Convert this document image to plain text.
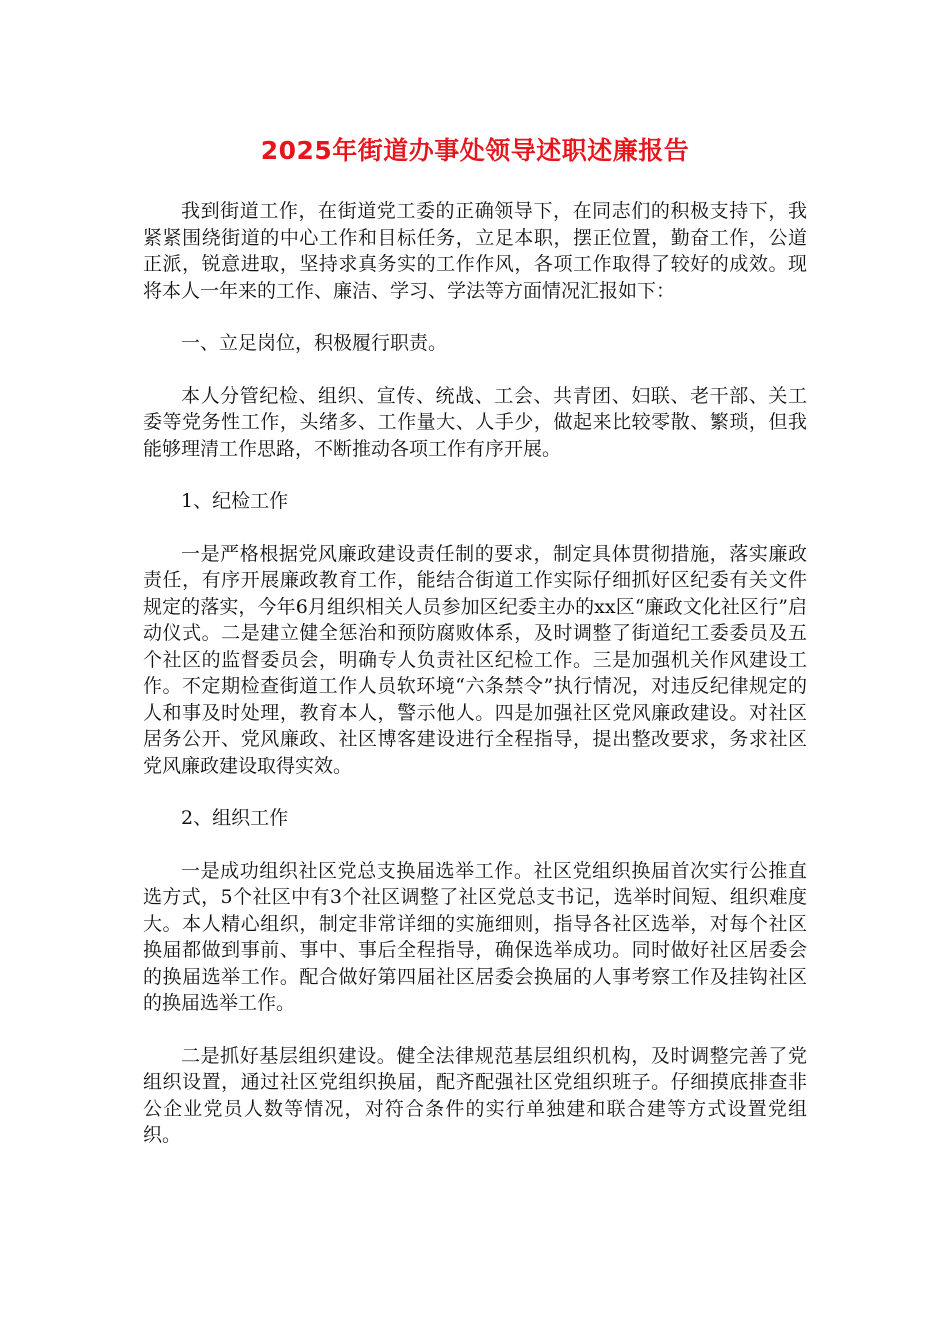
2025年街道办事处领导述职述廉报告

我到街道工作，在街道党工委的正确领导下，在同志们的积极支持下，我紧紧围绕街道的中心工作和目标任务，立足本职，摆正位置，勤奋工作，公道正派，锐意进取，坚持求真务实的工作作风，各项工作取得了较好的成效。现将本人一年来的工作、廉洁、学习、学法等方面情况汇报如下：

一、立足岗位，积极履行职责。

本人分管纪检、组织、宣传、统战、工会、共青团、妇联、老干部、关工委等党务性工作，头绪多、工作量大、人手少，做起来比较零散、繁琐，但我能够理清工作思路，不断推动各项工作有序开展。

1、纪检工作

一是严格根据党风廉政建设责任制的要求，制定具体贯彻措施，落实廉政责任，有序开展廉政教育工作，能结合街道工作实际仔细抓好区纪委有关文件规定的落实，今年6月组织相关人员参加区纪委主办的xx区“廉政文化社区行”启动仪式。二是建立健全惩治和预防腐败体系，及时调整了街道纪工委委员及五个社区的监督委员会，明确专人负责社区纪检工作。三是加强机关作风建设工作。不定期检查街道工作人员软环境“六条禁令”执行情况，对违反纪律规定的人和事及时处理，教育本人，警示他人。四是加强社区党风廉政建设。对社区居务公开、党风廉政、社区博客建设进行全程指导，提出整改要求，务求社区党风廉政建设取得实效。

2、组织工作

一是成功组织社区党总支换届选举工作。社区党组织换届首次实行公推直选方式，5个社区中有3个社区调整了社区党总支书记，选举时间短、组织难度大。本人精心组织，制定非常详细的实施细则，指导各社区选举，对每个社区换届都做到事前、事中、事后全程指导，确保选举成功。同时做好社区居委会的换届选举工作。配合做好第四届社区居委会换届的人事考察工作及挂钩社区的换届选举工作。

二是抓好基层组织建设。健全法律规范基层组织机构，及时调整完善了党组织设置，通过社区党组织换届，配齐配强社区党组织班子。仔细摸底排查非公企业党员人数等情况，对符合条件的实行单独建和联合建等方式设置党组织。
